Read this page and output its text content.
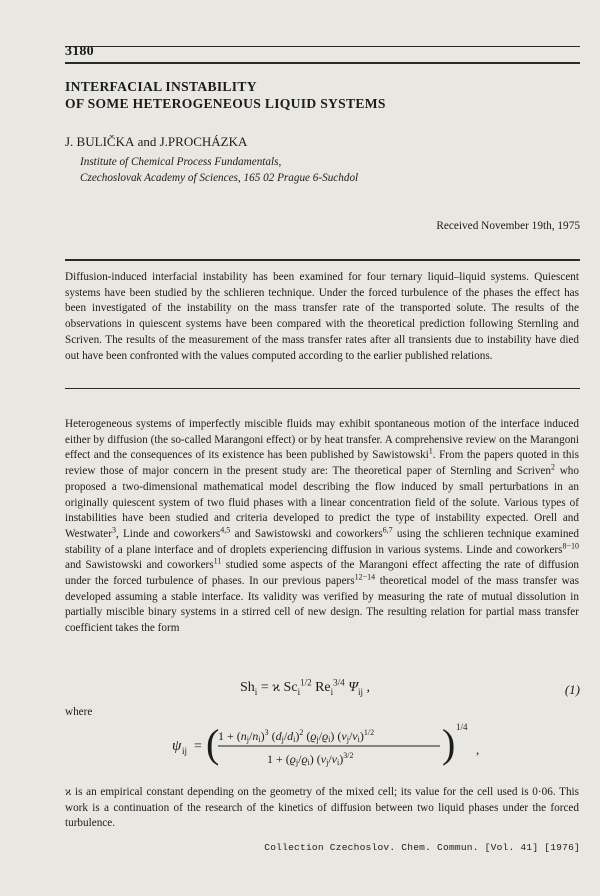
3180
INTERFACIAL INSTABILITY
OF SOME HETEROGENEOUS LIQUID SYSTEMS
J. BULIČKA and J.PROCHÁZKA
Institute of Chemical Process Fundamentals,
Czechoslovak Academy of Sciences, 165 02 Prague 6-Suchdol
Received November 19th, 1975
Diffusion-induced interfacial instability has been examined for four ternary liquid–liquid systems. Quiescent systems have been studied by the schlieren technique. Under the forced turbulence of the phases the effect has been investigated of the instability on the mass transfer rate of the transported solute. The results of the observations in quiescent systems have been compared with the theoretical prediction following Sternling and Scriven. The results of the measurement of the mass transfer rates after all transients due to instability have died out have been confronted with the values computed according to the earlier published relations.

Heterogeneous systems of imperfectly miscible fluids may exhibit spontaneous motion of the interface induced either by diffusion (the so-called Marangoni effect) or by heat transfer. A comprehensive review on the Marangoni effect and the consequences of its existence has been published by Sawistowski$^1$. From the papers quoted in this review those of major concern in the present study are: The theoretical paper of Sternling and Scriven$^2$ who proposed a two-dimensional mathematical model describing the flow induced by small perturbations in an originally quiescent system of two fluid phases with a linear concentration field of the solute. Various types of instabilities have been studied and criteria developed to predict the type of instability expected. Orell and Westwater$^3$, Linde and coworkers$^{4,5}$ and Sawistowski and coworkers$^{6,7}$ using the schlieren technique examined stability of a plane interface and of droplets experiencing diffusion in various systems. Linde and coworkers$^{8-10}$ and Sawistowski and coworkers$^{11}$ studied some aspects of the Marangoni effect affecting the rate of diffusion under the forced turbulence of phases. In our previous papers$^{12-14}$ theoretical model of the mass transfer was developed assuming a stable interface. Its validity was verified by measuring the rate of mutual dissolution in partially miscible binary systems in a stirred cell of new design. The resulting relation for partial mass transfer coefficient takes the form

$Sh_i = ϰ$ $Sc_i^{1/2}$ $Re_i^{3/4}$ $\Psi_{ij}$ ,	(1)
where
ψ ij = (
$1 + (nj/ni)^3$ $(dj/di)^2$ (ϱj/ϱi) $(\nu j/\nu i)^{1/2}$
1 + (ϱj/ϱi) $(\nu j/\nu i)^{3/2}$ ) 1/4
,
ϰ is an empirical constant depending on the geometry of the mixed cell; its value for the cell used is 0·06. This work is a continuation of the research of the kinetics of diffusion between two liquid phases under the forced turbulence.
Collection Czechoslov. Chem. Commun. [Vol. 41] [1976]
